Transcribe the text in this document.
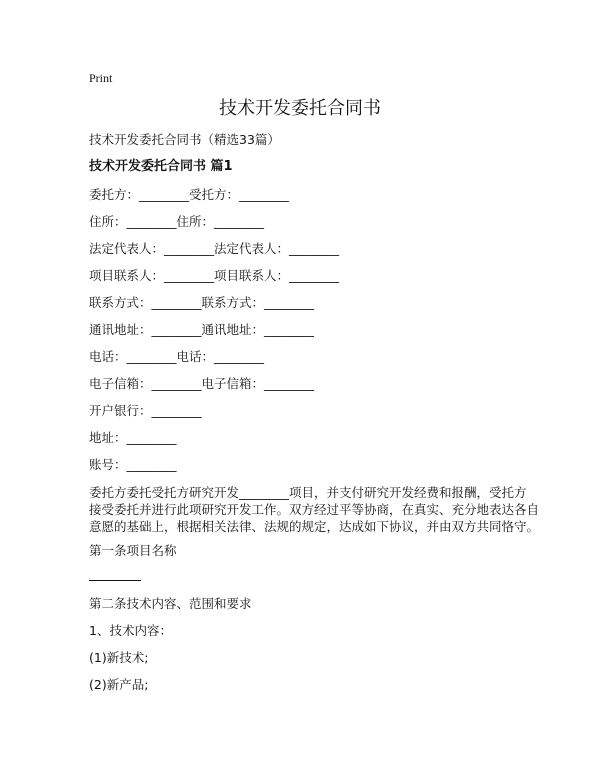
Print
技术开发委托合同书
技术开发委托合同书（精选33篇）
技术开发委托合同书 篇1
委托方：________受托方：________
住所：________住所：________
法定代表人：________法定代表人：________
项目联系人：________项目联系人：________
联系方式：________联系方式：________
通讯地址：________通讯地址：________
电话：________电话：________
电子信箱：________电子信箱：________
开户银行：________
地址：________
账号：________
委托方委托受托方研究开发________项目，并支付研究开发经费和报酬，受托方
接受委托并进行此项研究开发工作。双方经过平等协商，在真实、充分地表达各自
意愿的基础上，根据相关法律、法规的规定，达成如下协议，并由双方共同恪守。
第一条项目名称
第二条技术内容、范围和要求
1、技术内容：
(1)新技术;
(2)新产品;
